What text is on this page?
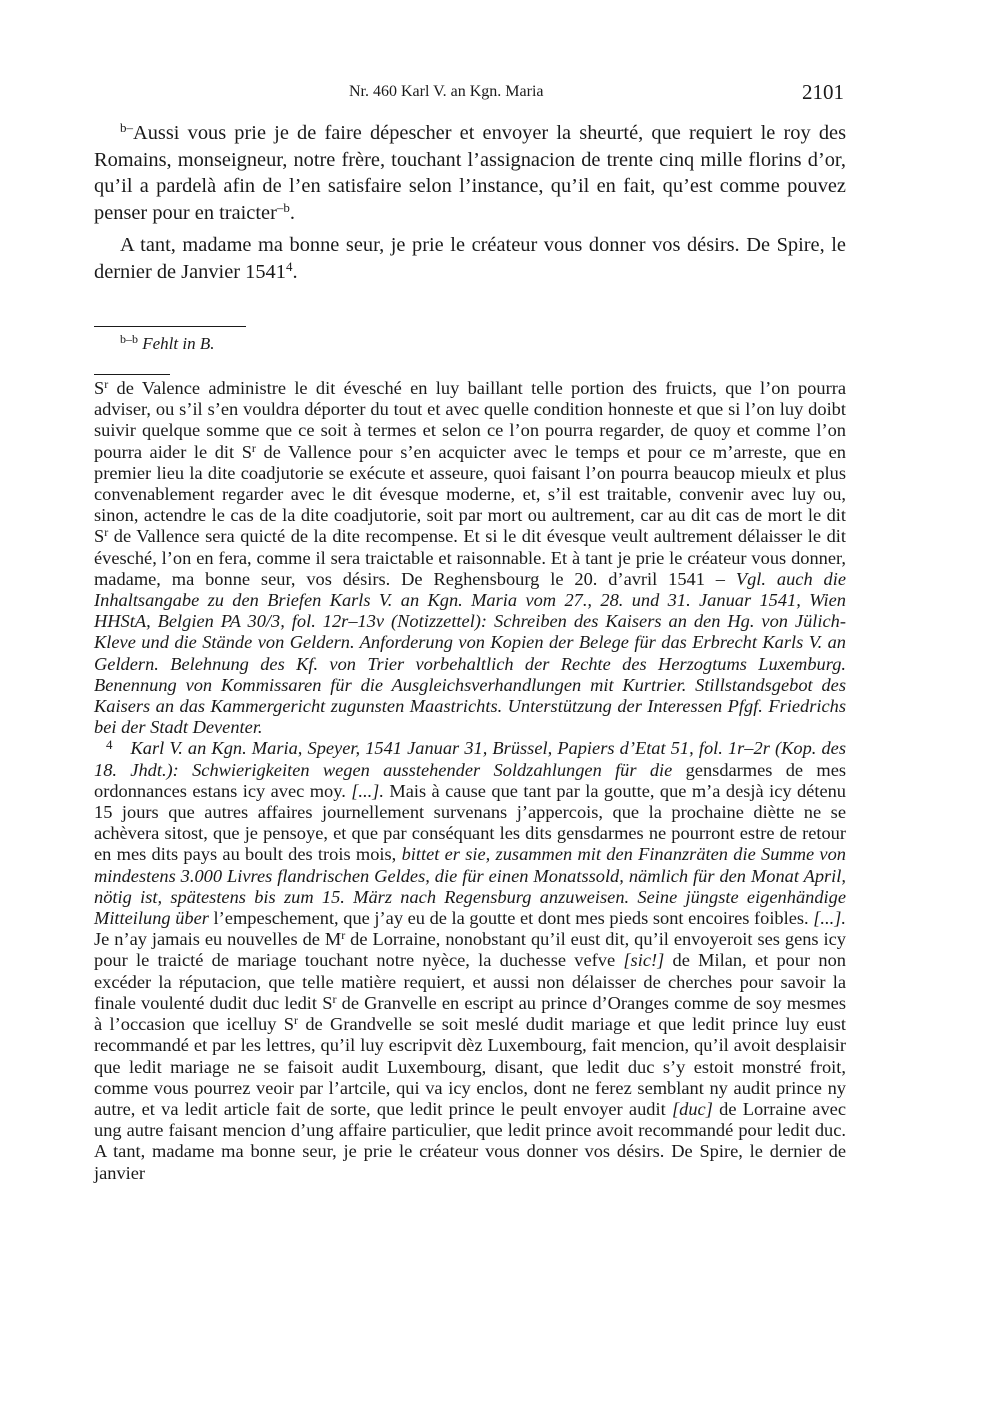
Nr. 460 Karl V. an Kgn. Maria	2101

$^{b-}$Aussi vous prie je de faire dépescher et envoyer la sheurté, que requiert le roy des Romains, monseigneur, notre frère, touchant l’assignacion de trente cinq mille florins d’or, qu’il a pardelà afin de l’en satisfaire selon l’instance, qu’il en fait, qu’est comme pouvez penser pour en traicter$^{-b}$.

A tant, madame ma bonne seur, je prie le créateur vous donner vos désirs. De Spire, le dernier de Janvier 1541$^4$.

$^{b-b}$ Fehlt in B.

$S^r$ de Valence administre le dit évesché en luy baillant telle portion des fruicts, que l’on pourra adviser, ou s’il s’en vouldra déporter du tout et avec quelle condition honneste et que si l’on luy doibt suivir quelque somme que ce soit à termes et selon ce l’on pourra regarder, de quoy et comme l’on pourra aider le dit $S^r$ de Vallence pour s’en acquicter avec le temps et pour ce m’arreste, que en premier lieu la dite coadjutorie se exécute et asseure, quoi faisant l’on pourra beaucop mieulx et plus convenablement regarder avec le dit évesque moderne, et, s’il est traitable, convenir avec luy ou, sinon, actendre le cas de la dite coadjutorie, soit par mort ou aultrement, car au dit cas de mort le dit $S^r$ de Vallence sera quicté de la dite recompense. Et si le dit évesque veult aultrement délaisser le dit évesché, l’on en fera, comme il sera traictable et raisonnable. Et à tant je prie le créateur vous donner, madame, ma bonne seur, vos désirs. De Reghensbourg le 20. d’avril 1541 – Vgl. auch die Inhaltsangabe zu den Briefen Karls V. an Kgn. Maria vom 27., 28. und 31. Januar 1541, Wien HHStA, Belgien PA 30/3, fol. 12r–13v (Notizzettel): Schreiben des Kaisers an den Hg. von Jülich-Kleve und die Stände von Geldern. Anforderung von Kopien der Belege für das Erbrecht Karls V. an Geldern. Belehnung des Kf. von Trier vorbehaltlich der Rechte des Herzogtums Luxemburg. Benennung von Kommissaren für die Ausgleichsverhandlungen mit Kurtrier. Stillstandsgebot des Kaisers an das Kammergericht zugunsten Maastrichts. Unterstützung der Interessen Pfgf. Friedrichs bei der Stadt Deventer.

$^4$ Karl V. an Kgn. Maria, Speyer, 1541 Januar 31, Brüssel, Papiers d’Etat 51, fol. 1r–2r (Kop. des 18. Jhdt.): Schwierigkeiten wegen ausstehender Soldzahlungen für die gensdarmes de mes ordonnances estans icy avec moy. [...]. Mais à cause que tant par la goutte, que m’a desjà icy détenu 15 jours que autres affaires journellement survenans j’appercois, que la prochaine diètte ne se achèvera sitost, que je pensoye, et que par conséquant les dits gensdarmes ne pourront estre de retour en mes dits pays au boult des trois mois, bittet er sie, zusammen mit den Finanzräten die Summe von mindestens 3.000 Livres flandrischen Geldes, die für einen Monatssold, nämlich für den Monat April, nötig ist, spätestens bis zum 15. März nach Regensburg anzuweisen. Seine jüngste eigenhändige Mitteilung über l’empeschement, que j’ay eu de la goutte et dont mes pieds sont encoires foibles. [...]. Je n’ay jamais eu nouvelles de $M^r$ de Lorraine, nonobstant qu’il eust dit, qu’il envoyeroit ses gens icy pour le traicté de mariage touchant notre nyèce, la duchesse vefve [sic!] de Milan, et pour non excéder la réputacion, que telle matière requiert, et aussi non délaisser de cherches pour savoir la finale voulenté dudit duc ledit $S^r$ de Granvelle en escript au prince d’Oranges comme de soy mesmes à l’occasion que icelluy $S^r$ de Grandvelle se soit meslé dudit mariage et que ledit prince luy eust recommandé et par les lettres, qu’il luy escripvit dèz Luxembourg, fait mencion, qu’il avoit desplaisir que ledit mariage ne se faisoit audit Luxembourg, disant, que ledit duc s’y estoit monstré froit, comme vous pourrez veoir par l’artcile, qui va icy enclos, dont ne ferez semblant ny audit prince ny autre, et va ledit article fait de sorte, que ledit prince le peult envoyer audit [duc] de Lorraine avec ung autre faisant mencion d’ung affaire particulier, que ledit prince avoit recommandé pour ledit duc. A tant, madame ma bonne seur, je prie le créateur vous donner vos désirs. De Spire, le dernier de janvier
